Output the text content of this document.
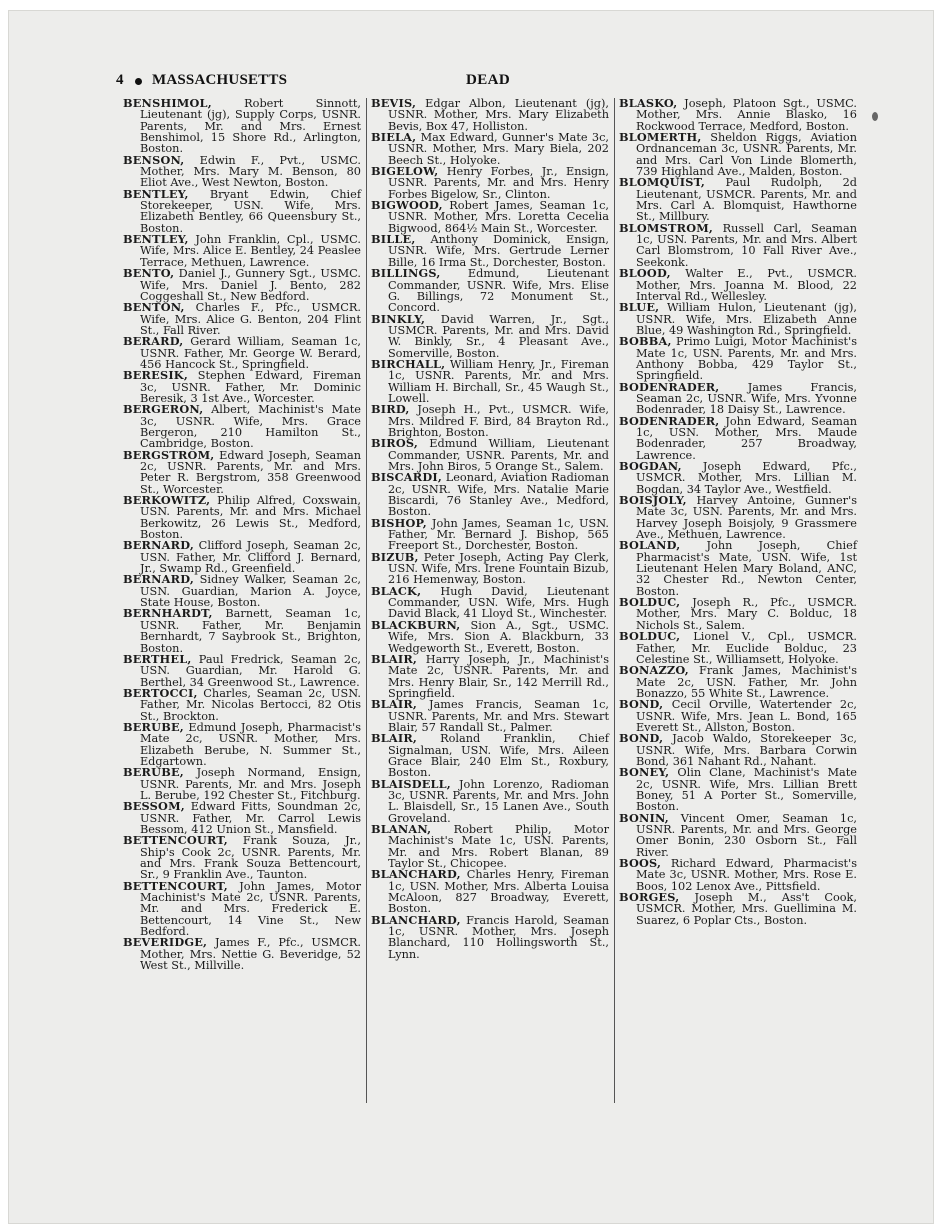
4 MASSACHUSETTS	DEAD

BENSHIMOL, Robert Sinnott, Lieutenant (jg), Supply Corps, USNR. Parents, Mr. and Mrs. Ernest Benshimol, 15 Shore Rd., Arlington, Boston.

BENSON, Edwin F., Pvt., USMC. Mother, Mrs. Mary M. Benson, 80 Eliot Ave., West Newton, Boston.

BENTLEY, Bryant Edwin, Chief Storekeeper, USN. Wife, Mrs. Elizabeth Bentley, 66 Queensbury St., Boston.

BENTLEY, John Franklin, Cpl., USMC. Wife, Mrs. Alice E. Bentley, 24 Peaslee Terrace, Methuen, Lawrence.

BENTO, Daniel J., Gunnery Sgt., USMC. Wife, Mrs. Daniel J. Bento, 282 Coggeshall St., New Bedford.

BENTON, Charles F., Pfc., USMCR. Wife, Mrs. Alice G. Benton, 204 Flint St., Fall River.

BERARD, Gerard William, Seaman 1c, USNR. Father, Mr. George W. Berard, 456 Hancock St., Springfield.

BERESIK, Stephen Edward, Fireman 3c, USNR. Father, Mr. Dominic Beresik, 3 1st Ave., Worcester.

BERGERON, Albert, Machinist's Mate 3c, USNR. Wife, Mrs. Grace Bergeron, 210 Hamilton St., Cambridge, Boston.

BERGSTROM, Edward Joseph, Seaman 2c, USNR. Parents, Mr. and Mrs. Peter R. Bergstrom, 358 Greenwood St., Worcester.

BERKOWITZ, Philip Alfred, Coxswain, USN. Parents, Mr. and Mrs. Michael Berkowitz, 26 Lewis St., Medford, Boston.

BERNARD, Clifford Joseph, Seaman 2c, USN. Father, Mr. Clifford J. Bernard, Jr., Swamp Rd., Greenfield.

BERNARD, Sidney Walker, Seaman 2c, USN. Guardian, Marion A. Joyce, State House, Boston.

BERNHARDT, Barnett, Seaman 1c, USNR. Father, Mr. Benjamin Bernhardt, 7 Saybrook St., Brighton, Boston.

BERTHEL, Paul Fredrick, Seaman 2c, USN. Guardian, Mr. Harold G. Berthel, 34 Greenwood St., Lawrence.

BERTOCCI, Charles, Seaman 2c, USN. Father, Mr. Nicolas Bertocci, 82 Otis St., Brockton.

BERUBE, Edmund Joseph, Pharmacist's Mate 2c, USNR. Mother, Mrs. Elizabeth Berube, N. Summer St., Edgartown.

BERUBE, Joseph Normand, Ensign, USNR. Parents, Mr. and Mrs. Joseph L. Berube, 192 Chester St., Fitchburg.

BESSOM, Edward Fitts, Soundman 2c, USNR. Father, Mr. Carrol Lewis Bessom, 412 Union St., Mansfield.

BETTENCOURT, Frank Souza, Jr., Ship's Cook 2c, USNR. Parents, Mr. and Mrs. Frank Souza Bettencourt, Sr., 9 Franklin Ave., Taunton.

BETTENCOURT, John James, Motor Machinist's Mate 2c, USNR. Parents, Mr. and Mrs. Frederick E. Bettencourt, 14 Vine St., New Bedford.

BEVERIDGE, James F., Pfc., USMCR. Mother, Mrs. Nettie G. Beveridge, 52 West St., Millville.

BEVIS, Edgar Albon, Lieutenant (jg), USNR. Mother, Mrs. Mary Elizabeth Bevis, Box 47, Holliston.

BIELA, Max Edward, Gunner's Mate 3c, USNR. Mother, Mrs. Mary Biela, 202 Beech St., Holyoke.

BIGELOW, Henry Forbes, Jr., Ensign, USNR. Parents, Mr. and Mrs. Henry Forbes Bigelow, Sr., Clinton.

BIGWOOD, Robert James, Seaman 1c, USNR. Mother, Mrs. Loretta Cecelia Bigwood, 864½ Main St., Worcester.

BILLE, Anthony Dominick, Ensign, USNR. Wife, Mrs. Gertrude Lerner Bille, 16 Irma St., Dorchester, Boston.

BILLINGS, Edmund, Lieutenant Commander, USNR. Wife, Mrs. Elise G. Billings, 72 Monument St., Concord.

BINKLY, David Warren, Jr., Sgt., USMCR. Parents, Mr. and Mrs. David W. Binkly, Sr., 4 Pleasant Ave., Somerville, Boston.

BIRCHALL, William Henry, Jr., Fireman 1c, USNR. Parents, Mr. and Mrs. William H. Birchall, Sr., 45 Waugh St., Lowell.

BIRD, Joseph H., Pvt., USMCR. Wife, Mrs. Mildred F. Bird, 84 Brayton Rd., Brighton, Boston.

BIROS, Edmund William, Lieutenant Commander, USNR. Parents, Mr. and Mrs. John Biros, 5 Orange St., Salem.

BISCARDI, Leonard, Aviation Radioman 2c, USNR. Wife, Mrs. Natalie Marie Biscardi, 76 Stanley Ave., Medford, Boston.

BISHOP, John James, Seaman 1c, USN. Father, Mr. Bernard J. Bishop, 565 Freeport St., Dorchester, Boston.

BIZUB, Peter Joseph, Acting Pay Clerk, USN. Wife, Mrs. Irene Fountain Bizub, 216 Hemenway, Boston.

BLACK, Hugh David, Lieutenant Commander, USN. Wife, Mrs. Hugh David Black, 41 Lloyd St., Winchester.

BLACKBURN, Sion A., Sgt., USMC. Wife, Mrs. Sion A. Blackburn, 33 Wedgeworth St., Everett, Boston.

BLAIR, Harry Joseph, Jr., Machinist's Mate 2c, USNR. Parents, Mr. and Mrs. Henry Blair, Sr., 142 Merrill Rd., Springfield.

BLAIR, James Francis, Seaman 1c, USNR. Parents, Mr. and Mrs. Stewart Blair, 57 Randall St., Palmer.

BLAIR, Roland Franklin, Chief Signalman, USN. Wife, Mrs. Aileen Grace Blair, 240 Elm St., Roxbury, Boston.

BLAISDELL, John Lorenzo, Radioman 3c, USNR. Parents, Mr. and Mrs. John L. Blaisdell, Sr., 15 Lanen Ave., South Groveland.

BLANAN, Robert Philip, Motor Machinist's Mate 1c, USN. Parents, Mr. and Mrs. Robert Blanan, 89 Taylor St., Chicopee.

BLANCHARD, Charles Henry, Fireman 1c, USN. Mother, Mrs. Alberta Louisa McAloon, 827 Broadway, Everett, Boston.

BLANCHARD, Francis Harold, Seaman 1c, USNR. Mother, Mrs. Joseph Blanchard, 110 Hollingsworth St., Lynn.

BLASKO, Joseph, Platoon Sgt., USMC. Mother, Mrs. Annie Blasko, 16 Rockwood Terrace, Medford, Boston.

BLOMERTH, Sheldon Riggs, Aviation Ordnanceman 3c, USNR. Parents, Mr. and Mrs. Carl Von Linde Blomerth, 739 Highland Ave., Malden, Boston.

BLOMQUIST, Paul Rudolph, 2d Lieutenant, USMCR. Parents, Mr. and Mrs. Carl A. Blomquist, Hawthorne St., Millbury.

BLOMSTROM, Russell Carl, Seaman 1c, USN. Parents, Mr. and Mrs. Albert Carl Blomstrom, 10 Fall River Ave., Seekonk.

BLOOD, Walter E., Pvt., USMCR. Mother, Mrs. Joanna M. Blood, 22 Interval Rd., Wellesley.

BLUE, William Hulon, Lieutenant (jg), USNR. Wife, Mrs. Elizabeth Anne Blue, 49 Washington Rd., Springfield.

BOBBA, Primo Luigi, Motor Machinist's Mate 1c, USN. Parents, Mr. and Mrs. Anthony Bobba, 429 Taylor St., Springfield.

BODENRADER, James Francis, Seaman 2c, USNR. Wife, Mrs. Yvonne Bodenrader, 18 Daisy St., Lawrence.

BODENRADER, John Edward, Seaman 1c, USN. Mother, Mrs. Maude Bodenrader, 257 Broadway, Lawrence.

BOGDAN, Joseph Edward, Pfc., USMCR. Mother, Mrs. Lillian M. Bogdan, 34 Taylor Ave., Westfield.

BOISJOLY, Harvey Antoine, Gunner's Mate 3c, USN. Parents, Mr. and Mrs. Harvey Joseph Boisjoly, 9 Grassmere Ave., Methuen, Lawrence.

BOLAND, John Joseph, Chief Pharmacist's Mate, USN. Wife, 1st Lieutenant Helen Mary Boland, ANC, 32 Chester Rd., Newton Center, Boston.

BOLDUC, Joseph R., Pfc., USMCR. Mother, Mrs. Mary C. Bolduc, 18 Nichols St., Salem.

BOLDUC, Lionel V., Cpl., USMCR. Father, Mr. Euclide Bolduc, 23 Celestine St., Williamsett, Holyoke.

BONAZZO, Frank James, Machinist's Mate 2c, USN. Father, Mr. John Bonazzo, 55 White St., Lawrence.

BOND, Cecil Orville, Watertender 2c, USNR. Wife, Mrs. Jean L. Bond, 165 Everett St., Allston, Boston.

BOND, Jacob Waldo, Storekeeper 3c, USNR. Wife, Mrs. Barbara Corwin Bond, 361 Nahant Rd., Nahant.

BONEY, Olin Clane, Machinist's Mate 2c, USNR. Wife, Mrs. Lillian Brett Boney, 51 A Porter St., Somerville, Boston.

BONIN, Vincent Omer, Seaman 1c, USNR. Parents, Mr. and Mrs. George Omer Bonin, 230 Osborn St., Fall River.

BOOS, Richard Edward, Pharmacist's Mate 3c, USNR. Mother, Mrs. Rose E. Boos, 102 Lenox Ave., Pittsfield.

BORGES, Joseph M., Ass't Cook, USMCR. Mother, Mrs. Guellimina M. Suarez, 6 Poplar Cts., Boston.
